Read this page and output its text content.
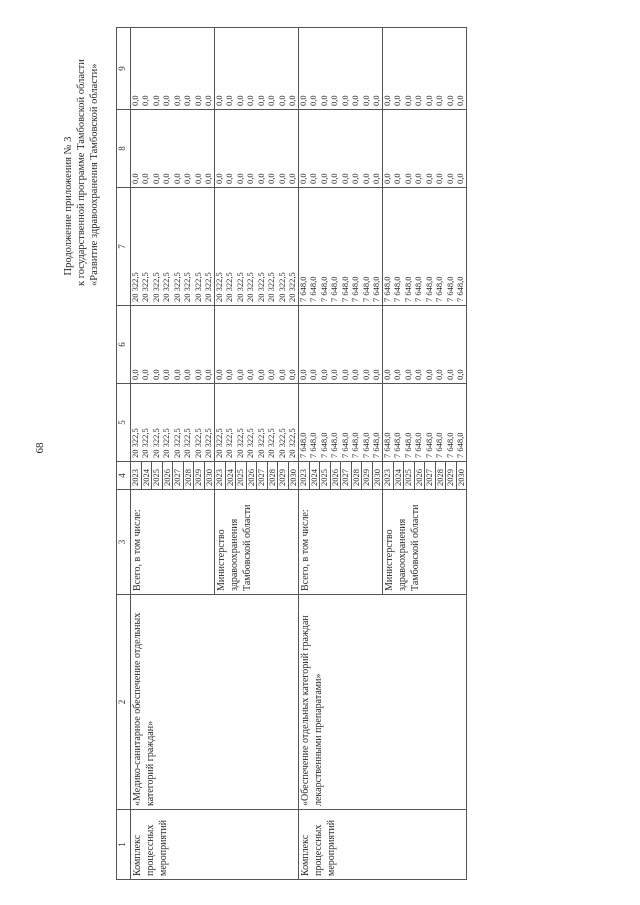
68
Продолжение приложения № 3 к государственной программе Тамбовской области «Развитие здравоохранения Тамбовской области»
1	2	3	4	5	6	7	8	9
Комплекс процессных мероприятий	«Медико-санитарное обеспечение отдельных категорий граждан»	Всего, в том числе:	2023	20 322,5	0,0	20 322,5	0,0	0,0
			2024	20 322,5	0,0	20 322,5	0,0	0,0
			2025	20 322,5	0,0	20 322,5	0,0	0,0
			2026	20 322,5	0,0	20 322,5	0,0	0,0
			2027	20 322,5	0,0	20 322,5	0,0	0,0
			2028	20 322,5	0,0	20 322,5	0,0	0,0
			2029	20 322,5	0,0	20 322,5	0,0	0,0
			2030	20 322,5	0,0	20 322,5	0,0	0,0
		Министерство здравоохранения Тамбовской области	2023	20 322,5	0,0	20 322,5	0,0	0,0
			2024	20 322,5	0,0	20 322,5	0,0	0,0
			2025	20 322,5	0,0	20 322,5	0,0	0,0
			2026	20 322,5	0,0	20 322,5	0,0	0,0
			2027	20 322,5	0,0	20 322,5	0,0	0,0
			2028	20 322,5	0,0	20 322,5	0,0	0,0
			2029	20 322,5	0,0	20 322,5	0,0	0,0
			2030	20 322,5	0,0	20 322,5	0,0	0,0
Комплекс процессных мероприятий	«Обеспечение отдельных категорий граждан лекарственными препаратами»	Всего, в том числе:	2023	7 648,0	0,0	7 648,0	0,0	0,0
			2024	7 648,0	0,0	7 648,0	0,0	0,0
			2025	7 648,0	0,0	7 648,0	0,0	0,0
			2026	7 648,0	0,0	7 648,0	0,0	0,0
			2027	7 648,0	0,0	7 648,0	0,0	0,0
			2028	7 648,0	0,0	7 648,0	0,0	0,0
			2029	7 648,0	0,0	7 648,0	0,0	0,0
			2030	7 648,0	0,0	7 648,0	0,0	0,0
		Министерство здравоохранения Тамбовской области	2023	7 648,0	0,0	7 648,0	0,0	0,0
			2024	7 648,0	0,0	7 648,0	0,0	0,0
			2025	7 648,0	0,0	7 648,0	0,0	0,0
			2026	7 648,0	0,0	7 648,0	0,0	0,0
			2027	7 648,0	0,0	7 648,0	0,0	0,0
			2028	7 648,0	0,0	7 648,0	0,0	0,0
			2029	7 648,0	0,0	7 648,0	0,0	0,0
			2030	7 648,0	0,0	7 648,0	0,0	0,0
